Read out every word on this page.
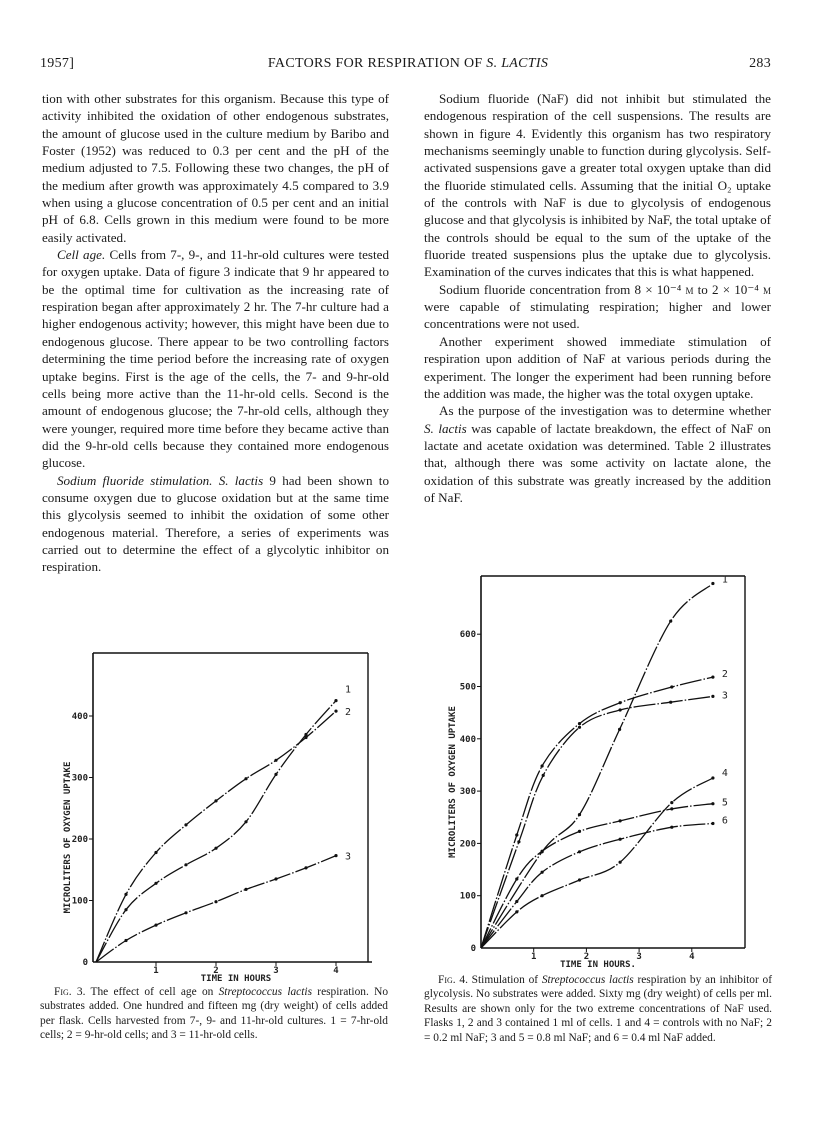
1957]	FACTORS FOR RESPIRATION OF S. LACTIS	283

tion with other substrates for this organism. Because this type of activity inhibited the oxidation of other endogenous substrates, the amount of glucose used in the culture medium by Baribo and Foster (1952) was reduced to 0.3 per cent and the pH of the medium adjusted to 7.5. Following these two changes, the pH of the medium after growth was approximately 4.5 compared to 3.9 when using a glucose concentration of 0.5 per cent and an initial pH of 6.8. Cells grown in this medium were found to be more easily activated.

Cell age. Cells from 7-, 9-, and 11-hr-old cultures were tested for oxygen uptake. Data of figure 3 indicate that 9 hr appeared to be the optimal time for cultivation as the increasing rate of respiration began after approximately 2 hr. The 7-hr culture had a higher endogenous activity; however, this might have been due to endogenous glucose. There appear to be two controlling factors determining the time period before the increasing rate of oxygen uptake begins. First is the age of the cells, the 7- and 9-hr-old cells being more active than the 11-hr-old cells. Second is the amount of endogenous glucose; the 7-hr-old cells, although they were younger, required more time before they became active than did the 9-hr-old cells because they contained more endogenous glucose.

Sodium fluoride stimulation. S. lactis 9 had been shown to consume oxygen due to glucose oxidation but at the same time this glycolysis seemed to inhibit the oxidation of some other endogenous material. Therefore, a series of experiments was carried out to determine the effect of a glycolytic inhibitor on respiration.

Sodium fluoride (NaF) did not inhibit but stimulated the endogenous respiration of the cell suspensions. The results are shown in figure 4. Evidently this organism has two respiratory mechanisms seemingly unable to function during glycolysis. Self-activated suspensions gave a greater total oxygen uptake than did the fluoride stimulated cells. Assuming that the initial O₂ uptake of the controls with NaF is due to glycolysis of endogenous glucose and that glycolysis is inhibited by NaF, the total uptake of the controls should be equal to the sum of the uptake of the fluoride treated suspensions plus the uptake due to glycolysis. Examination of the curves indicates that this is what happened.

Sodium fluoride concentration from 8 × 10⁻⁴ m to 2 × 10⁻⁴ m were capable of stimulating respiration; higher and lower concentrations were not used.

Another experiment showed immediate stimulation of respiration upon addition of NaF at various periods during the experiment. The longer the experiment had been running before the addition was made, the higher was the total oxygen uptake.

As the purpose of the investigation was to determine whether S. lactis was capable of lactate breakdown, the effect of NaF on lactate and acetate oxidation was determined. Table 2 illustrates that, although there was some activity on lactate alone, the oxidation of this substrate was greatly increased by the addition of NaF.

0
100
200
300
400
1	2	3	4
TIME IN HOURS
MICROLITERS OF OXYGEN UPTAKE
1
2
3
0
100
200
300
400
500
600
1	2	3	4
TIME IN HOURS.
MICROLITERS OF OXYGEN UPTAKE
1
2
3
4
5
6

Fig. 3. The effect of cell age on Streptococcus lactis respiration. No substrates added. One hundred and fifteen mg (dry weight) of cells added per flask. Cells harvested from 7-, 9- and 11-hr-old cultures. 1 = 7-hr-old cells; 2 = 9-hr-old cells; and 3 = 11-hr-old cells.

Fig. 4. Stimulation of Streptococcus lactis respiration by an inhibitor of glycolysis. No substrates were added. Sixty mg (dry weight) of cells per ml. Results are shown only for the two extreme concentrations of NaF used. Flasks 1, 2 and 3 contained 1 ml of cells. 1 and 4 = controls with no NaF; 2 = 0.2 ml NaF; 3 and 5 = 0.8 ml NaF; and 6 = 0.4 ml NaF added.
